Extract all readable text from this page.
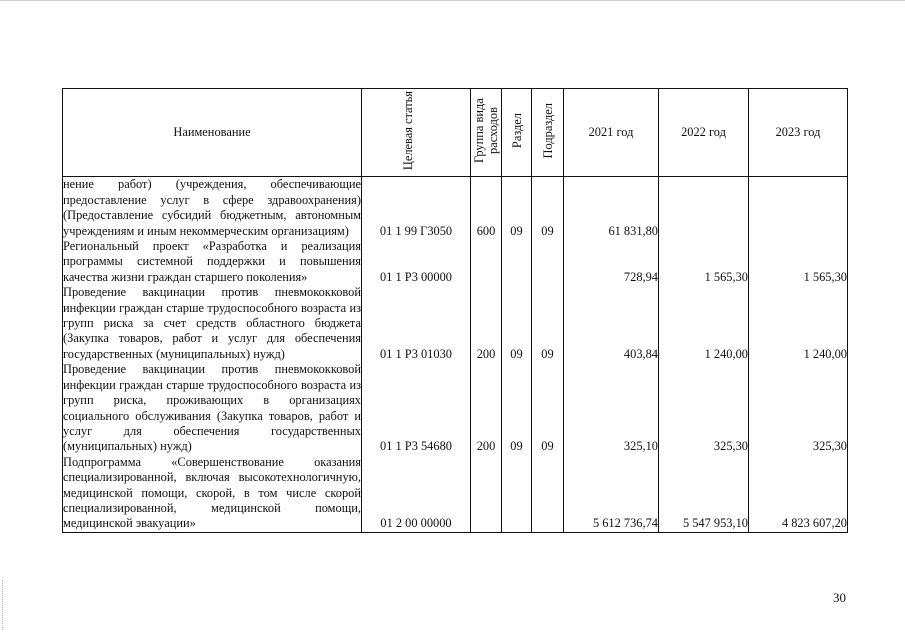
Наименование	Целевая статья	Группа вида расходов	Раздел	Подраздел	2021 год	2022 год	2023 год

нение работ) (учреждения, обеспечивающие предоставление услуг в сфере здравоохранения) (Предоставление субсидий бюджетным, автономным учреждениям и иным некоммерческим организациям)	01 1 99 Г3050	600	09	09	61 831,80		

Региональный проект «Разработка и реализация программы системной поддержки и повышения качества жизни граждан старшего поколения»	01 1 P3 00000				728,94	1 565,30	1 565,30

Проведение вакцинации против пневмококковой инфекции граждан старше трудоспособного возраста из групп риска за счет средств областного бюджета (Закупка товаров, работ и услуг для обеспечения государственных (муниципальных) нужд)	01 1 P3 01030	200	09	09	403,84	1 240,00	1 240,00

Проведение вакцинации против пневмококковой инфекции граждан старше трудоспособного возраста из групп риска, проживающих в организациях социального обслуживания (Закупка товаров, работ и услуг для обеспечения государственных (муниципальных) нужд)	01 1 P3 54680	200	09	09	325,10	325,30	325,30

Подпрограмма «Совершенствование оказания специализированной, включая высокотехнологичную, медицинской помощи, скорой, в том числе скорой специализированной, медицинской помощи, медицинской эвакуации»	01 2 00 00000				5 612 736,74	5 547 953,10	4 823 607,20
30
